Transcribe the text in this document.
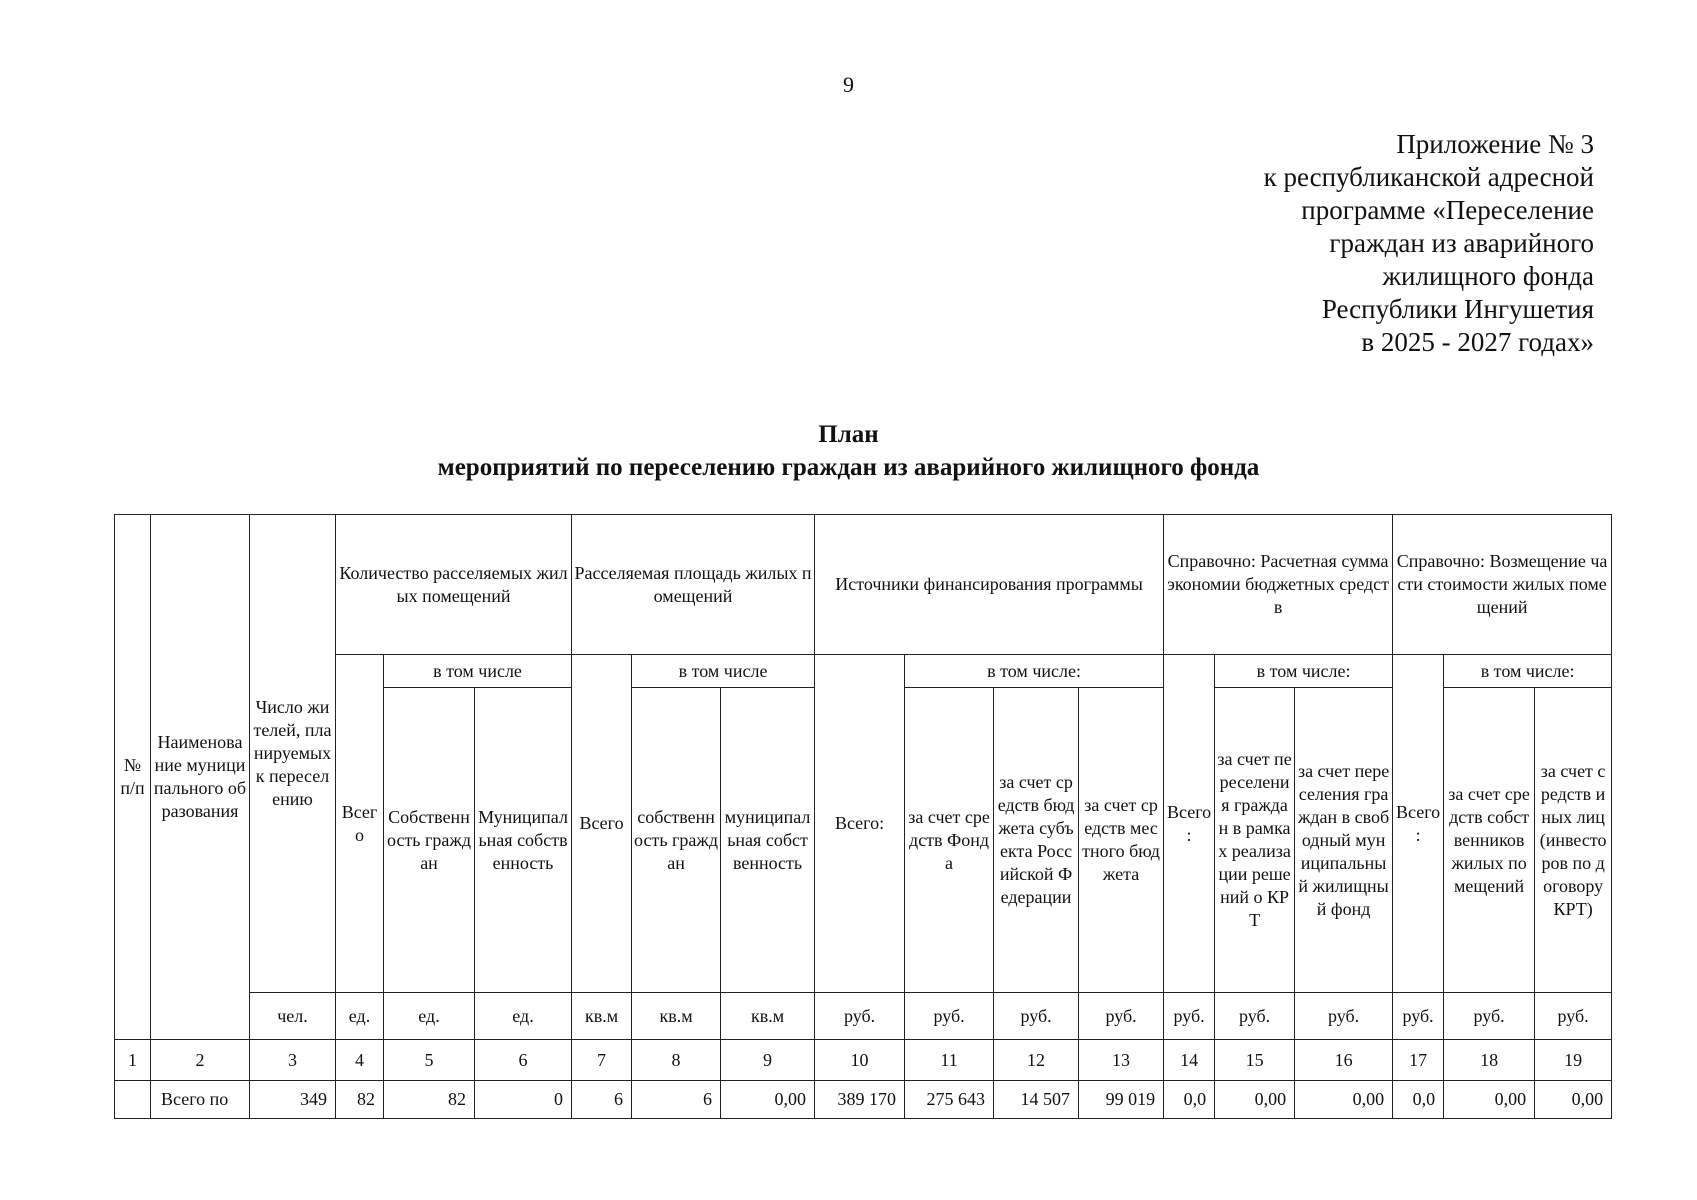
9
Приложение № 3
к республиканской адресной
программе «Переселение
граждан из аварийного
жилищного фонда
Республики Ингушетия
в 2025 - 2027 годах»
План
мероприятий по переселению граждан из аварийного жилищного фонда
№ п/п	Наименование муниципального образования	Число жителей, планируемых к переселению	Количество расселяемых жилых помещений			Расселяемая площадь жилых помещений			Источники финансирования программы				Справочно: Расчетная сумма экономии бюджетных средств			Справочно: Возмещение части стоимости жилых помещений		
			Всего	в том числе		Всего	в том числе		Всего:	в том числе:			Всего :	в том числе:		Всего :	в том числе:	
				Собственность граждан	Муниципальная собственность		собственность граждан	муниципальная собственность		за счет средств Фонда	за счет средств бюджета субъекта Российской Федерации	за счет средств местного бюджета		за счет переселения граждан в рамках реализации решений о КРТ	за счет переселения граждан в свободный муниципальный жилищный фонд		за счет средств собственников жилых помещений	за счет средств иных лиц (инвесторов по договору КРТ)
		чел.	ед.	ед.	ед.	кв.м	кв.м	кв.м	руб.	руб.	руб.	руб.	руб.	руб.	руб.	руб.	руб.	руб.
1	2	3	4	5	6	7	8	9	10	11	12	13	14	15	16	17	18	19
	Всего по	349	82	82	0	6	6	0,00	389 170	275 643	14 507	99 019	0,0	0,00	0,00	0,0	0,00	0,00
